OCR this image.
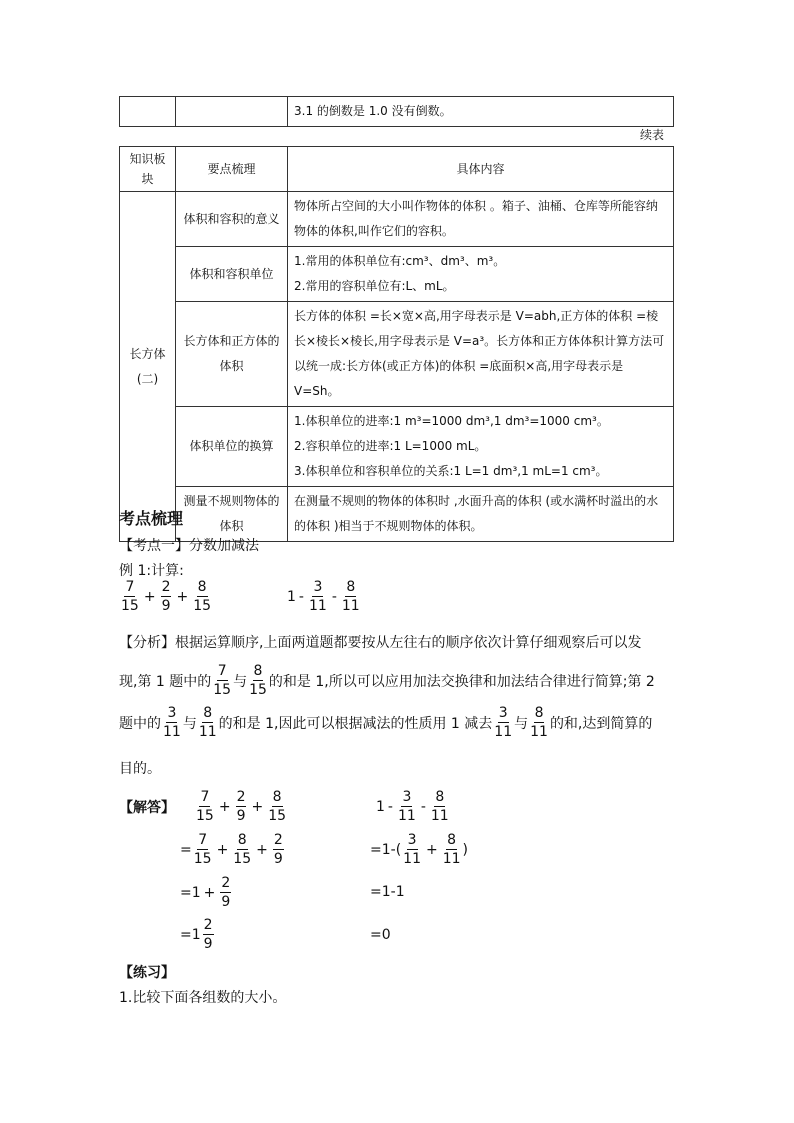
		3.1 的倒数是 1.0 没有倒数。
续表
知识板块	要点梳理	具体内容
长方体(二)	体积和容积的意义	物体所占空间的大小叫作物体的体积 。箱子、油桶、仓库等所能容纳物体的体积,叫作它们的容积。
	体积和容积单位	1.常用的体积单位有:cm³、dm³、m³。
2.常用的容积单位有:L、mL。
	长方体和正方体的体积	长方体的体积 =长×宽×高,用字母表示是 V=abh,正方体的体积 =棱长×棱长×棱长,用字母表示是 V=a³。长方体和正方体体积计算方法可以统一成:长方体(或正方体)的体积 =底面积×高,用字母表示是 V=Sh。
	体积单位的换算	1.体积单位的进率:1 m³=1000 dm³,1 dm³=1000 cm³。
2.容积单位的进率:1 L=1000 mL。
3.体积单位和容积单位的关系:1 L=1 dm³,1 mL=1 cm³。
	测量不规则物体的体积	在测量不规则的物体的体积时 ,水面升高的体积 (或水满杯时溢出的水的体积 )相当于不规则物体的体积。
考点梳理
【考点一】分数加减法
例 1:计算:
$\frac{7}{15} + \frac{2}{9} + \frac{8}{15}$	$1 - \frac{3}{11} - \frac{8}{11}$
【分析】根据运算顺序,上面两道题都要按从左往右的顺序依次计算仔细观察后可以发
现,第 1 题中的 $\frac{7}{15}$ 与 $\frac{8}{15}$ 的和是 1,所以可以应用加法交换律和加法结合律进行简算;第 2
题中的 $\frac{3}{11}$ 与 $\frac{8}{11}$ 的和是 1,因此可以根据减法的性质用 1 减去 $\frac{3}{11}$ 与 $\frac{8}{11}$ 的和,达到简算的
目的。
【解答】 $\frac{7}{15} + \frac{2}{9} + \frac{8}{15}$
= $\frac{7}{15} + \frac{8}{15} + \frac{2}{9}$
$=1 + \frac{2}{9}$
$=1 \frac{2}{9}$
$1 - \frac{3}{11} - \frac{8}{11}$
$=1-( \frac{3}{11} + \frac{8}{11}$ )
=1-1
=0
【练习】
1.比较下面各组数的大小。
